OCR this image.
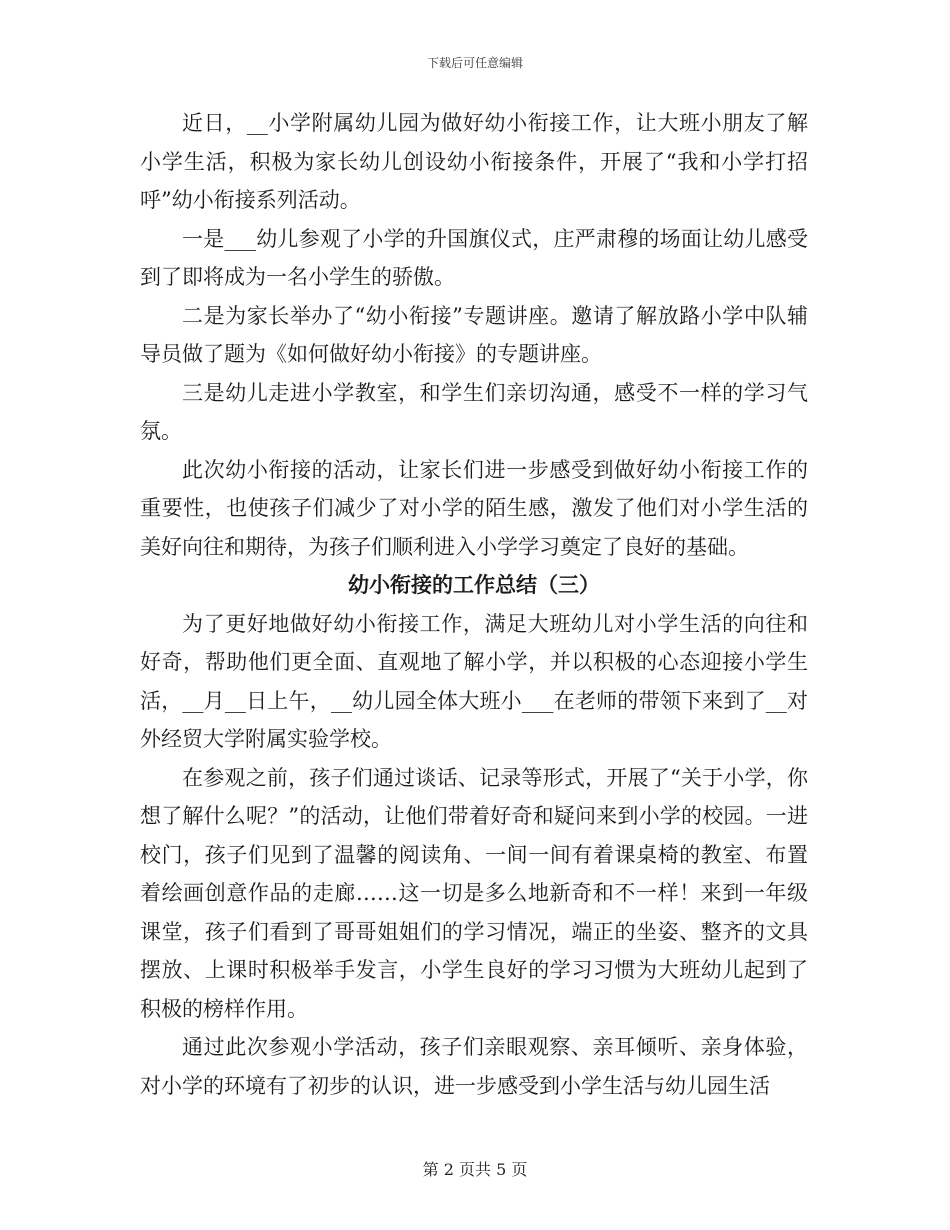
下载后可任意编辑

近日，__小学附属幼儿园为做好幼小衔接工作，让大班小朋友了解小学生活，积极为家长幼儿创设幼小衔接条件，开展了“我和小学打招呼”幼小衔接系列活动。

一是___幼儿参观了小学的升国旗仪式，庄严肃穆的场面让幼儿感受到了即将成为一名小学生的骄傲。

二是为家长举办了“幼小衔接”专题讲座。邀请了解放路小学中队辅导员做了题为《如何做好幼小衔接》的专题讲座。

三是幼儿走进小学教室，和学生们亲切沟通，感受不一样的学习气氛。

此次幼小衔接的活动，让家长们进一步感受到做好幼小衔接工作的重要性，也使孩子们减少了对小学的陌生感，激发了他们对小学生活的美好向往和期待，为孩子们顺利进入小学学习奠定了良好的基础。

幼小衔接的工作总结（三）

为了更好地做好幼小衔接工作，满足大班幼儿对小学生活的向往和好奇，帮助他们更全面、直观地了解小学，并以积极的心态迎接小学生活，__月__日上午，__幼儿园全体大班小___在老师的带领下来到了__对外经贸大学附属实验学校。

在参观之前，孩子们通过谈话、记录等形式，开展了“关于小学，你想了解什么呢？”的活动，让他们带着好奇和疑问来到小学的校园。一进校门，孩子们见到了温馨的阅读角、一间一间有着课桌椅的教室、布置着绘画创意作品的走廊……这一切是多么地新奇和不一样！来到一年级课堂，孩子们看到了哥哥姐姐们的学习情况，端正的坐姿、整齐的文具摆放、上课时积极举手发言，小学生良好的学习习惯为大班幼儿起到了积极的榜样作用。

通过此次参观小学活动，孩子们亲眼观察、亲耳倾听、亲身体验，对小学的环境有了初步的认识，进一步感受到小学生活与幼儿园生活

第 2 页共 5 页
